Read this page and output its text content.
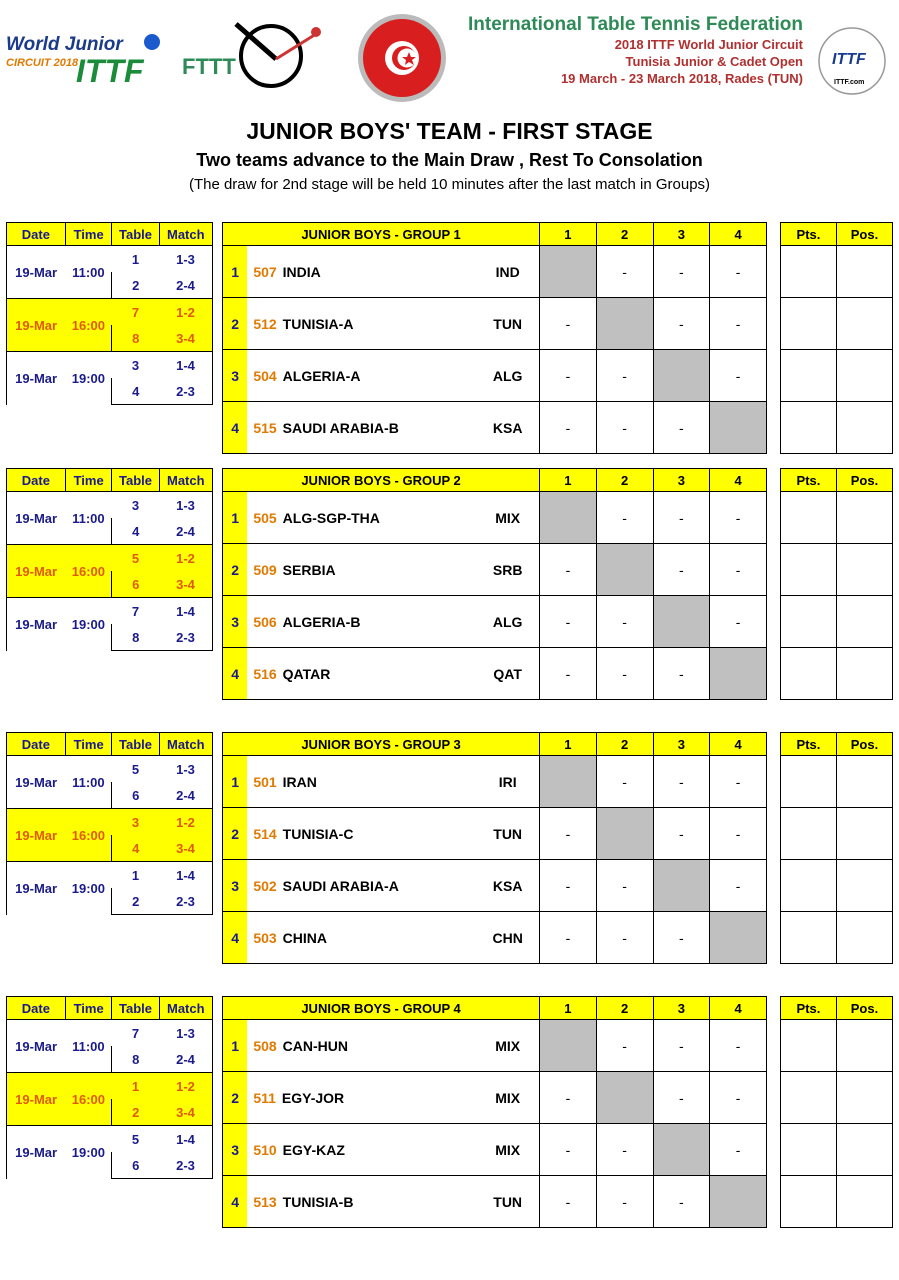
World Junior
CIRCUIT 2018
ITTF FTTT
International Table Tennis Federation
2018 ITTF World Junior Circuit
Tunisia Junior & Cadet Open
19 March - 23 March 2018, Rades (TUN)
ITTF
ITTF.com
JUNIOR BOYS' TEAM - FIRST STAGE
Two teams advance to the Main Draw , Rest To Consolation
(The draw for 2nd stage will be held 10 minutes after the last match in Groups)
Date	Time	Table	Match
19-Mar	11:00	1	1-3
		2	2-4
19-Mar	16:00	7	1-2
		8	3-4
19-Mar	19:00	3	1-4
		4	2-3
JUNIOR BOYS - GROUP 1			1	2	3	4
1	507 INDIA	IND		-	-	-
2	512 TUNISIA-A	TUN	-		-	-
3	504 ALGERIA-A	ALG	-	-		-
4	515 SAUDI ARABIA-B	KSA	-	-	-	
Pts.	Pos.

Date	Time	Table	Match
19-Mar	11:00	3	1-3
		4	2-4
19-Mar	16:00	5	1-2
		6	3-4
19-Mar	19:00	7	1-4
		8	2-3
JUNIOR BOYS - GROUP 2			1	2	3	4
1	505 ALG-SGP-THA	MIX		-	-	-
2	509 SERBIA	SRB	-		-	-
3	506 ALGERIA-B	ALG	-	-		-
4	516 QATAR	QAT	-	-	-	
Pts.	Pos.

Date	Time	Table	Match
19-Mar	11:00	5	1-3
		6	2-4
19-Mar	16:00	3	1-2
		4	3-4
19-Mar	19:00	1	1-4
		2	2-3
JUNIOR BOYS - GROUP 3			1	2	3	4
1	501 IRAN	IRI		-	-	-
2	514 TUNISIA-C	TUN	-		-	-
3	502 SAUDI ARABIA-A	KSA	-	-		-
4	503 CHINA	CHN	-	-	-	
Pts.	Pos.

Date	Time	Table	Match
19-Mar	11:00	7	1-3
		8	2-4
19-Mar	16:00	1	1-2
		2	3-4
19-Mar	19:00	5	1-4
		6	2-3
JUNIOR BOYS - GROUP 4			1	2	3	4
1	508 CAN-HUN	MIX		-	-	-
2	511 EGY-JOR	MIX	-		-	-
3	510 EGY-KAZ	MIX	-	-		-
4	513 TUNISIA-B	TUN	-	-	-	
Pts.	Pos.
